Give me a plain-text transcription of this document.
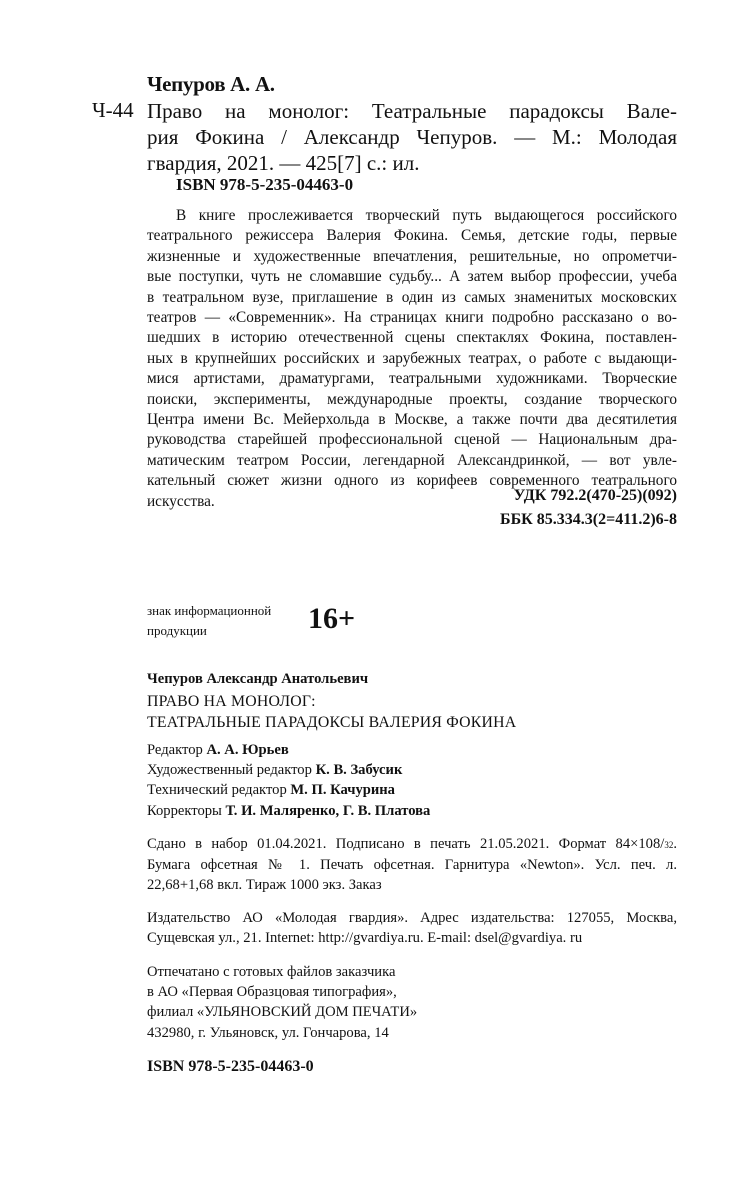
Чепуров А. А.
Ч-44 Право на монолог: Театральные парадоксы Вале-
рия Фокина / Александр Чепуров. — М.: Молодая
гвардия, 2021. — 425[7] с.: ил.
ISBN 978-5-235-04463-0
В книге прослеживается творческий путь выдающегося российского
театрального режиссера Валерия Фокина. Семья, детские годы, первые
жизненные и художественные впечатления, решительные, но опрометчи-
вые поступки, чуть не сломавшие судьбу... А затем выбор профессии, учеба
в театральном вузе, приглашение в один из самых знаменитых московских
театров — «Современник». На страницах книги подробно рассказано о во-
шедших в историю отечественной сцены спектаклях Фокина, поставлен-
ных в крупнейших российских и зарубежных театрах, о работе с выдающи-
мися артистами, драматургами, театральными художниками. Творческие
поиски, эксперименты, международные проекты, создание творческого
Центра имени Вс. Мейерхольда в Москве, а также почти два десятилетия
руководства старейшей профессиональной сценой — Национальным дра-
матическим театром России, легендарной Александринкой, — вот увле-
кательный сюжет жизни одного из корифеев современного театрального
искусства.	УДК 792.2(470-25)(092)
ББК 85.334.3(2=411.2)6-8
знак информационной
продукции	16+
Чепуров Александр Анатольевич
ПРАВО НА МОНОЛОГ:
ТЕАТРАЛЬНЫЕ ПАРАДОКСЫ ВАЛЕРИЯ ФОКИНА
Редактор А. А. Юрьев
Художественный редактор К. В. Забусик
Технический редактор М. П. Качурина
Корректоры Т. И. Маляренко, Г. В. Платова
Сдано в набор 01.04.2021. Подписано в печать 21.05.2021. Формат 84×108/32.
Бумага офсетная № 1. Печать офсетная. Гарнитура «Newton». Усл. печ. л.
22,68+1,68 вкл. Тираж 1000 экз. Заказ
Издательство АО «Молодая гвардия». Адрес издательства: 127055, Москва,
Сущевская ул., 21. Internet: http://gvardiya.ru. E-mail: dsel@gvardiya. ru
Отпечатано с готовых файлов заказчика
в АО «Первая Образцовая типография»,
филиал «УЛЬЯНОВСКИЙ ДОМ ПЕЧАТИ»
432980, г. Ульяновск, ул. Гончарова, 14
ISBN 978-5-235-04463-0
